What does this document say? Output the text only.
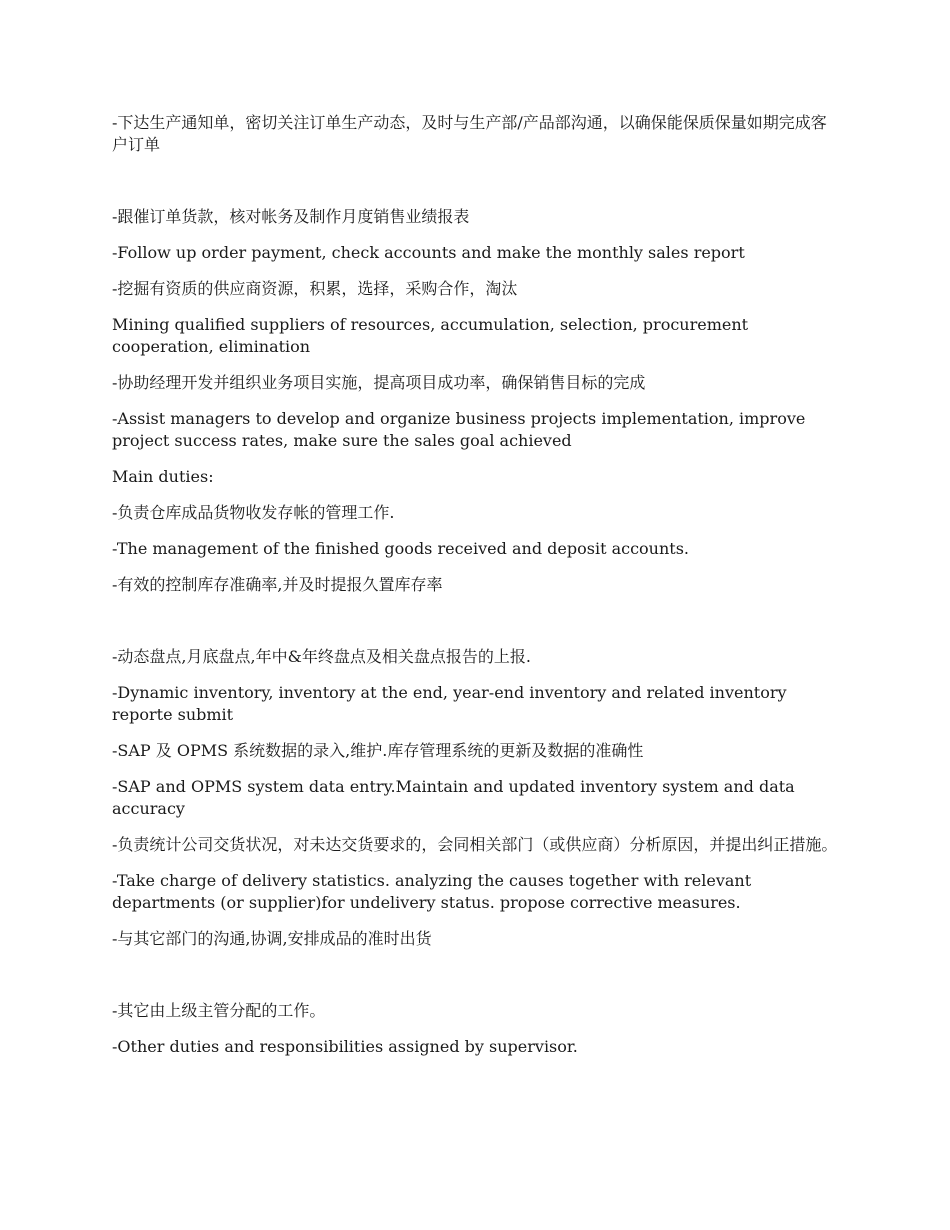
-下达生产通知单，密切关注订单生产动态，及时与生产部/产品部沟通，以确保能保质保量如期完成客户订单

-跟催订单货款，核对帐务及制作月度销售业绩报表

-Follow up order payment, check accounts and make the monthly sales report

-挖掘有资质的供应商资源，积累，选择，采购合作，淘汰

Mining qualified suppliers of resources, accumulation, selection, procurement cooperation, elimination

-协助经理开发并组织业务项目实施，提高项目成功率，确保销售目标的完成

-Assist managers to develop and organize business projects implementation, improve project success rates, make sure the sales goal achieved

Main duties:

-负责仓库成品货物收发存帐的管理工作.

-The management of the finished goods received and deposit accounts.

-有效的控制库存准确率,并及时提报久置库存率

-动态盘点,月底盘点,年中&年终盘点及相关盘点报告的上报.

-Dynamic inventory, inventory at the end, year-end inventory and related inventory reporte submit

-SAP 及 OPMS 系统数据的录入,维护.库存管理系统的更新及数据的准确性

-SAP and OPMS system data entry.Maintain and updated inventory system and data accuracy

-负责统计公司交货状况，对未达交货要求的，会同相关部门（或供应商）分析原因，并提出纠正措施。

-Take charge of delivery statistics. analyzing the causes together with relevant departments (or supplier)for undelivery status. propose corrective measures.

-与其它部门的沟通,协调,安排成品的准时出货

-其它由上级主管分配的工作。

-Other duties and responsibilities assigned by supervisor.
